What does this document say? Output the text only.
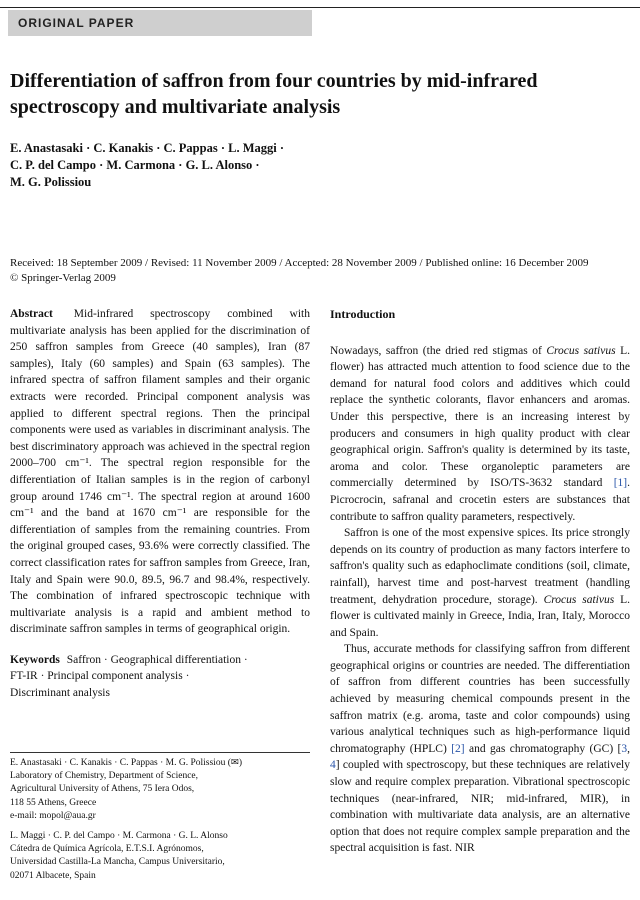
ORIGINAL PAPER
Differentiation of saffron from four countries by mid-infrared
spectroscopy and multivariate analysis
E. Anastasaki · C. Kanakis · C. Pappas · L. Maggi ·
C. P. del Campo · M. Carmona · G. L. Alonso ·
M. G. Polissiou
Received: 18 September 2009 / Revised: 11 November 2009 / Accepted: 28 November 2009 / Published online: 16 December 2009
© Springer-Verlag 2009

Abstract Mid-infrared spectroscopy combined with multivariate analysis has been applied for the discrimination of 250 saffron samples from Greece (40 samples), Iran (87 samples), Italy (60 samples) and Spain (63 samples). The infrared spectra of saffron filament samples and their organic extracts were recorded. Principal component analysis was applied to different spectral regions. Then the principal components were used as variables in discriminant analysis. The best discriminatory approach was achieved in the spectral region 2000–700 cm⁻¹. The spectral region responsible for the differentiation of Italian samples is in the region of carbonyl group around 1746 cm⁻¹. The spectral region at around 1600 cm⁻¹ and the band at 1670 cm⁻¹ are responsible for the differentiation of samples from the remaining countries. From the original grouped cases, 93.6% were correctly classified. The correct classification rates for saffron samples from Greece, Iran, Italy and Spain were 90.0, 89.5, 96.7 and 98.4%, respectively. The combination of infrared spectroscopic technique with multivariate analysis is a rapid and ambient method to discriminate saffron samples in terms of geographical origin.

Keywords Saffron · Geographical differentiation ·
FT-IR · Principal component analysis ·
Discriminant analysis

E. Anastasaki · C. Kanakis · C. Pappas · M. G. Polissiou (✉)
Laboratory of Chemistry, Department of Science,
Agricultural University of Athens, 75 Iera Odos,
118 55 Athens, Greece
e-mail: mopol@aua.gr
L. Maggi · C. P. del Campo · M. Carmona · G. L. Alonso
Cátedra de Química Agrícola, E.T.S.I. Agrónomos,
Universidad Castilla-La Mancha, Campus Universitario,
02071 Albacete, Spain

Introduction

Nowadays, saffron (the dried red stigmas of Crocus sativus L. flower) has attracted much attention to food science due to the demand for natural food colors and additives which could replace the synthetic colorants, flavor enhancers and aromas. Under this perspective, there is an increasing interest by producers and consumers in high quality product with clear geographical origin. Saffron's quality is determined by its taste, aroma and color. These organoleptic parameters are commercially determined by ISO/TS-3632 standard [1]. Picrocrocin, safranal and crocetin esters are substances that contribute to saffron quality parameters, respectively.

Saffron is one of the most expensive spices. Its price strongly depends on its country of production as many factors interfere to saffron's quality such as edaphoclimate conditions (soil, climate, rainfall), harvest time and post-harvest treatment (handling treatment, dehydration procedure, storage). Crocus sativus L. flower is cultivated mainly in Greece, India, Iran, Italy, Morocco and Spain.

Thus, accurate methods for classifying saffron from different geographical origins or countries are needed. The differentiation of saffron from different countries has been successfully achieved by measuring chemical compounds present in the saffron matrix (e.g. aroma, taste and color compounds) using various analytical techniques such as high-performance liquid chromatography (HPLC) [2] and gas chromatography (GC) [3, 4] coupled with spectroscopy, but these techniques are relatively slow and require complex preparation. Vibrational spectroscopic techniques (near-infrared, NIR; mid-infrared, MIR), in combination with multivariate data analysis, are an alternative option that does not require complex sample preparation and the spectral acquisition is fast. NIR
